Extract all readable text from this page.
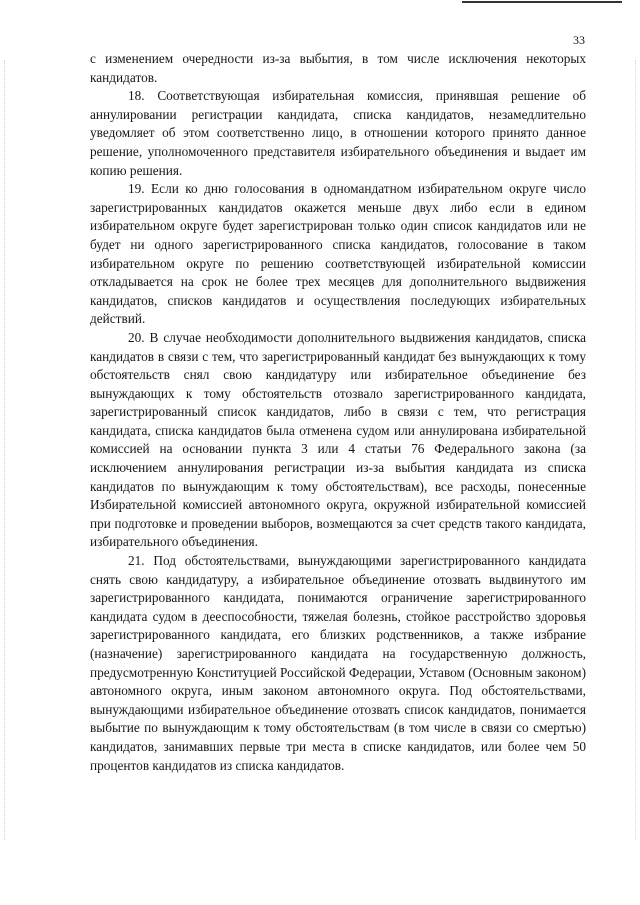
33

с изменением очередности из-за выбытия, в том числе исключения некоторых кандидатов.

18. Соответствующая избирательная комиссия, принявшая решение об аннулировании регистрации кандидата, списка кандидатов, незамедлительно уведомляет об этом соответственно лицо, в отношении которого принято данное решение, уполномоченного представителя избирательного объединения и выдает им копию решения.

19. Если ко дню голосования в одномандатном избирательном округе число зарегистрированных кандидатов окажется меньше двух либо если в едином избирательном округе будет зарегистрирован только один список кандидатов или не будет ни одного зарегистрированного списка кандидатов, голосование в таком избирательном округе по решению соответствующей избирательной комиссии откладывается на срок не более трех месяцев для дополнительного выдвижения кандидатов, списков кандидатов и осуществления последующих избирательных действий.

20. В случае необходимости дополнительного выдвижения кандидатов, списка кандидатов в связи с тем, что зарегистрированный кандидат без вынуждающих к тому обстоятельств снял свою кандидатуру или избирательное объединение без вынуждающих к тому обстоятельств отозвало зарегистрированного кандидата, зарегистрированный список кандидатов, либо в связи с тем, что регистрация кандидата, списка кандидатов была отменена судом или аннулирована избирательной комиссией на основании пункта 3 или 4 статьи 76 Федерального закона (за исключением аннулирования регистрации из-за выбытия кандидата из списка кандидатов по вынуждающим к тому обстоятельствам), все расходы, понесенные Избирательной комиссией автономного округа, окружной избирательной комиссией при подготовке и проведении выборов, возмещаются за счет средств такого кандидата, избирательного объединения.

21. Под обстоятельствами, вынуждающими зарегистрированного кандидата снять свою кандидатуру, а избирательное объединение отозвать выдвинутого им зарегистрированного кандидата, понимаются ограничение зарегистрированного кандидата судом в дееспособности, тяжелая болезнь, стойкое расстройство здоровья зарегистрированного кандидата, его близких родственников, а также избрание (назначение) зарегистрированного кандидата на государственную должность, предусмотренную Конституцией Российской Федерации, Уставом (Основным законом) автономного округа, иным законом автономного округа. Под обстоятельствами, вынуждающими избирательное объединение отозвать список кандидатов, понимается выбытие по вынуждающим к тому обстоятельствам (в том числе в связи со смертью) кандидатов, занимавших первые три места в списке кандидатов, или более чем 50 процентов кандидатов из списка кандидатов.
